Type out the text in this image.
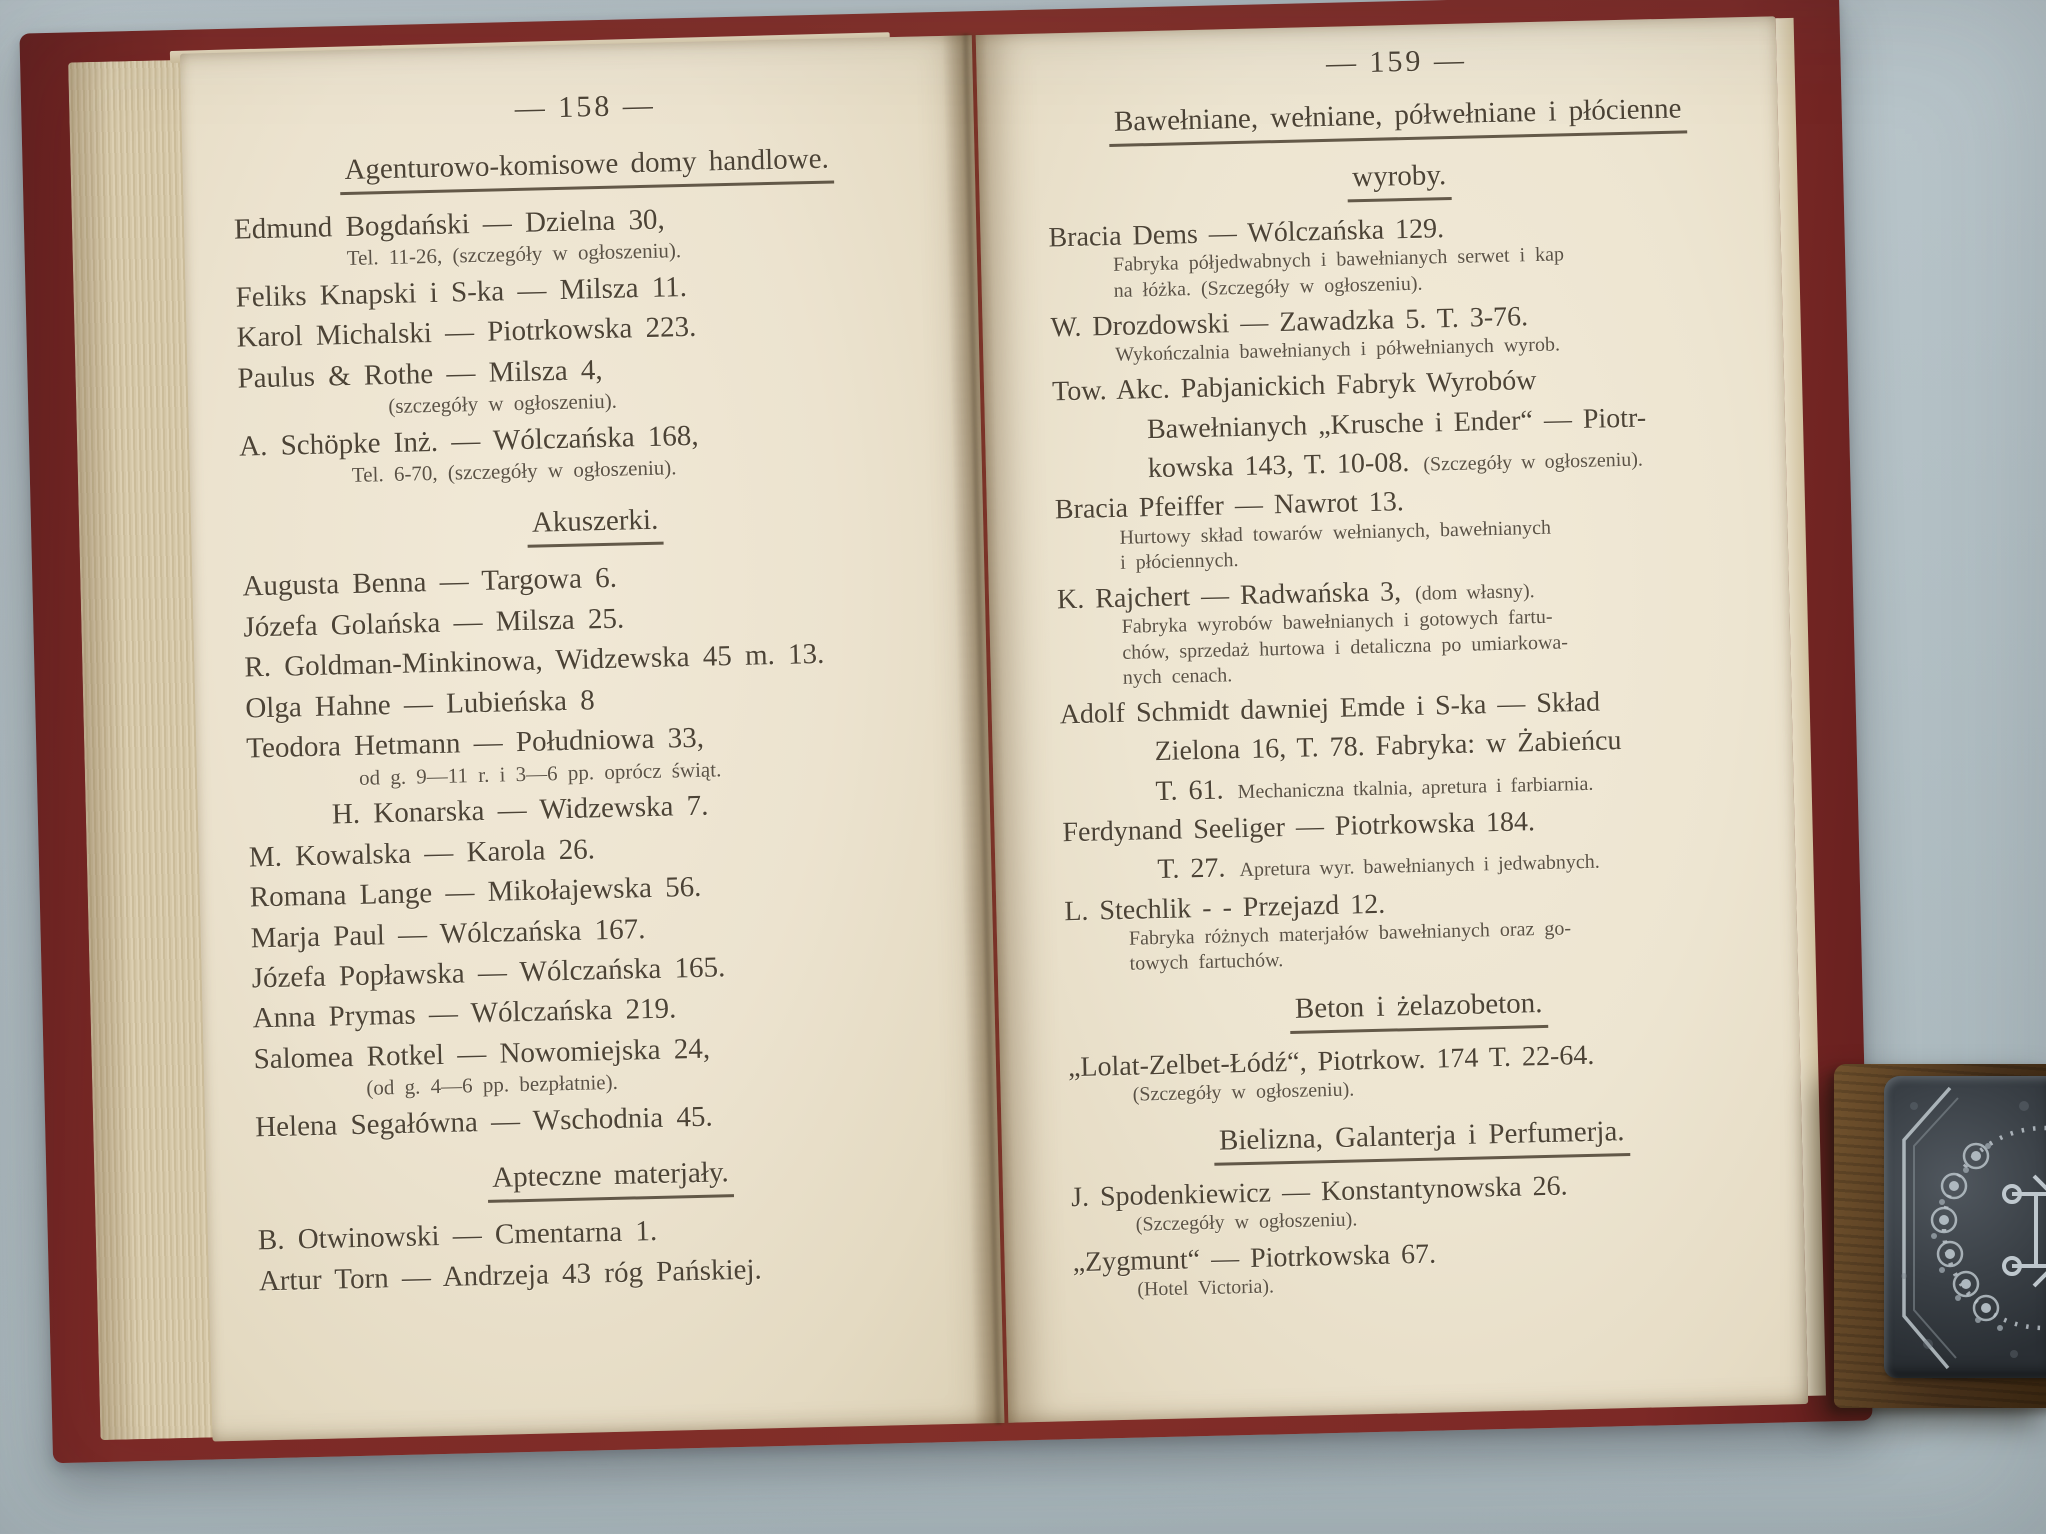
— 158 —
Agenturowo-komisowe domy handlowe.
Edmund Bogdański — Dzielna 30,
Tel. 11-26, (szczegóły w ogłoszeniu).
Feliks Knapski i S-ka — Milsza 11.
Karol Michalski — Piotrkowska 223.
Paulus & Rothe — Milsza 4,
(szczegóły w ogłoszeniu).
A. Schöpke Inż. — Wólczańska 168,
Tel. 6-70, (szczegóły w ogłoszeniu).
Akuszerki.
Augusta Benna — Targowa 6.
Józefa Golańska — Milsza 25.
R. Goldman-Minkinowa, Widzewska 45 m. 13.
Olga Hahne — Lubieńska 8
Teodora Hetmann — Południowa 33,
od g. 9—11 r. i 3—6 pp. oprócz świąt.
H. Konarska — Widzewska 7.
M. Kowalska — Karola 26.
Romana Lange — Mikołajewska 56.
Marja Paul — Wólczańska 167.
Józefa Popławska — Wólczańska 165.
Anna Prymas — Wólczańska 219.
Salomea Rotkel — Nowomiejska 24,
(od g. 4—6 pp. bezpłatnie).
Helena Segałówna — Wschodnia 45.
Apteczne materjały.
B. Otwinowski — Cmentarna 1.
Artur Torn — Andrzeja 43 róg Pańskiej.
— 159 —
Bawełniane, wełniane, półwełniane i płócienne
wyroby.
Bracia Dems — Wólczańska 129.
Fabryka półjedwabnych i bawełnianych serwet i kap
na łóżka. (Szczegóły w ogłoszeniu).
W. Drozdowski — Zawadzka 5. T. 3-76.
Wykończalnia bawełnianych i półwełnianych wyrob.
Tow. Akc. Pabjanickich Fabryk Wyrobów
Bawełnianych „Krusche i Ender“ — Piotr-
kowska 143, T. 10-08. (Szczegóły w ogłoszeniu).
Bracia Pfeiffer — Nawrot 13.
Hurtowy skład towarów wełnianych, bawełnianych
i płóciennych.
K. Rajchert — Radwańska 3, (dom własny).
Fabryka wyrobów bawełnianych i gotowych fartu-
chów, sprzedaż hurtowa i detaliczna po umiarkowa-
nych cenach.
Adolf Schmidt dawniej Emde i S-ka — Skład
Zielona 16, T. 78. Fabryka: w Żabieńcu
T. 61. Mechaniczna tkalnia, apretura i farbiarnia.
Ferdynand Seeliger — Piotrkowska 184.
T. 27. Apretura wyr. bawełnianych i jedwabnych.
L. Stechlik - - Przejazd 12.
Fabryka różnych materjałów bawełnianych oraz go-
towych fartuchów.
Beton i żelazobeton.
„Lolat-Zelbet-Łódź“, Piotrkow. 174 T. 22-64.
(Szczegóły w ogłoszeniu).
Bielizna, Galanterja i Perfumerja.
J. Spodenkiewicz — Konstantynowska 26.
(Szczegóły w ogłoszeniu).
„Zygmunt“ — Piotrkowska 67.
(Hotel Victoria).
